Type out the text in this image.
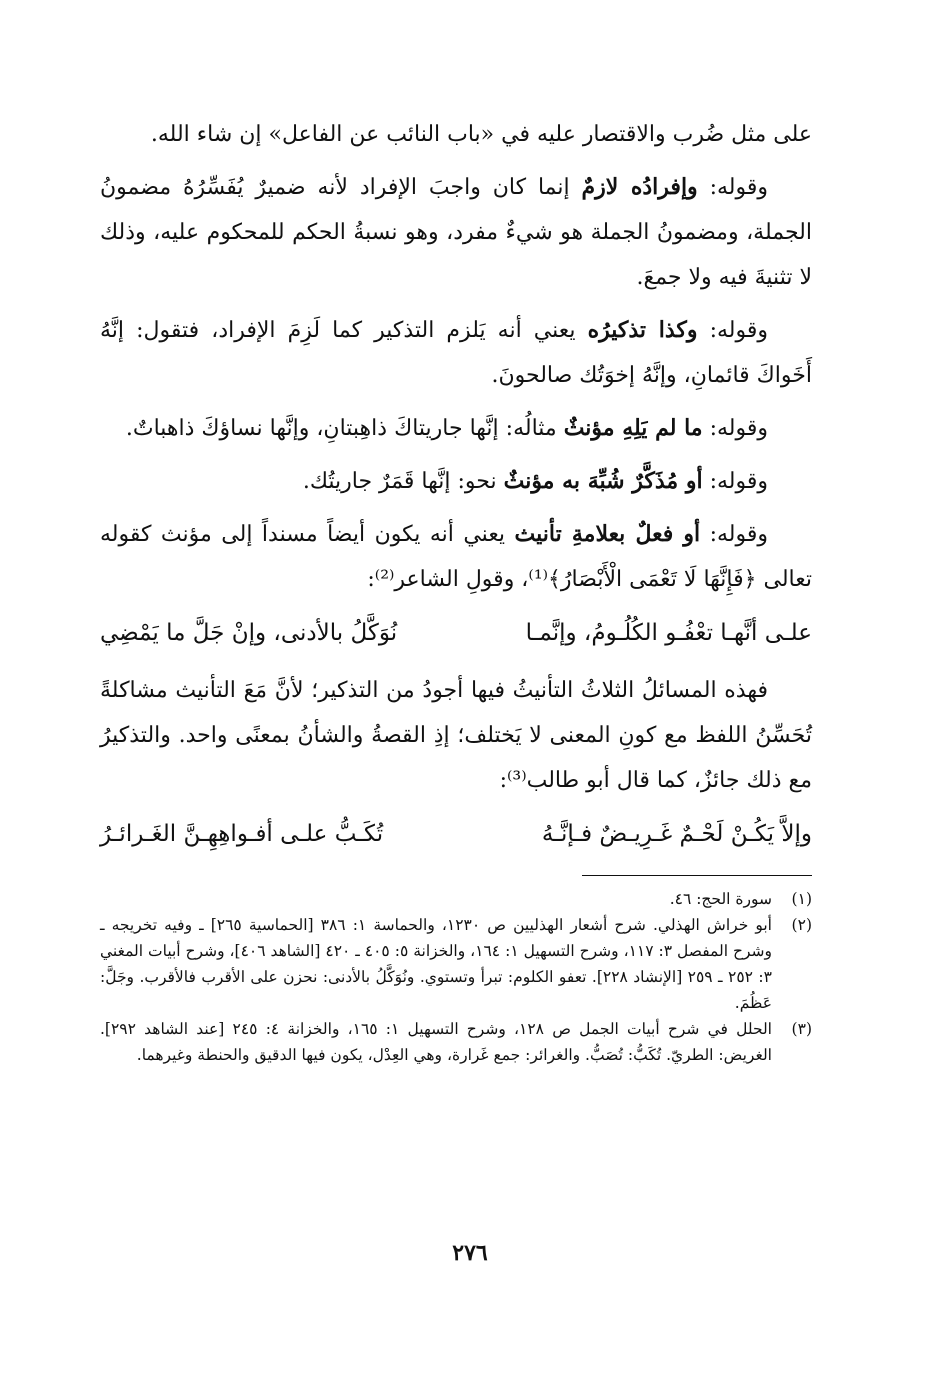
على مثل ضُرب والاقتصار عليه في «باب النائب عن الفاعل» إن شاء الله.

وقوله: وإفرادُه لازمٌ إنما كان واجبَ الإفراد لأنه ضميرٌ يُفَسِّرُهُ مضمونُ الجملة، ومضمونُ الجملة هو شيءٌ مفرد، وهو نسبةُ الحكم للمحكوم عليه، وذلك لا تثنيةَ فيه ولا جمعَ.

وقوله: وكذا تذكيرُه يعني أنه يَلزم التذكير كما لَزِمَ الإفراد، فتقول: إنَّهُ أَخَواكَ قائمانِ، وإنَّهُ إخوَتُك صالحونَ.

وقوله: ما لم يَلِهِ مؤنثٌ مثالُه: إنَّها جاريتاكَ ذاهِبتانِ، وإنَّها نساؤكَ ذاهباتٌ.

وقوله: أو مُذَكَّرٌ شُبِّهَ به مؤنثٌ نحو: إنَّها قَمَرٌ جاريتُك.

وقوله: أو فعلٌ بعلامةِ تأنيث يعني أنه يكون أيضاً مسنداً إلى مؤنث كقوله تعالى ﴿فَإِنَّهَا لَا تَعْمَى الْأَبْصَارُ﴾⁽¹⁾، وقولِ الشاعر⁽²⁾:

علـى أنَّهـا تعْفُـو الكُلُـومُ، وإنَّمـا
نُوَكَّلُ بالأدنى، وإنْ جَلَّ ما يَمْضِي

فهذه المسائلُ الثلاثُ التأنيثُ فيها أجودُ من التذكير؛ لأنَّ مَعَ التأنيث مشاكلةً تُحَسِّنُ اللفظ مع كونِ المعنى لا يَختلف؛ إذِ القصةُ والشأنُ بمعنًى واحد. والتذكيرُ مع ذلك جائزٌ، كما قال أبو طالب⁽³⁾:

وإلاَّ يَكُـنْ لَحْـمٌ غَـرِيـضٌ فـإنَّـهُ
تُكَـبُّ علـى أفـواهِهِـنَّ الغَـرائـرُ
(١)
سورة الحج: ٤٦.
(٢)
أبو خراش الهذلي. شرح أشعار الهذليين ص ١٢٣٠، والحماسة ١: ٣٨٦ [الحماسية ٢٦٥] ـ وفيه تخريجه ـ وشرح المفصل ٣: ١١٧، وشرح التسهيل ١: ١٦٤، والخزانة ٥: ٤٠٥ ـ ٤٢٠ [الشاهد ٤٠٦]، وشرح أبيات المغني ٣: ٢٥٢ ـ ٢٥٩ [الإنشاد ٢٢٨]. تعفو الكلوم: تبرأ وتستوي. ونُوَكَّلُ بالأدنى: نحزن على الأقرب فالأقرب. وجَلَّ: عَظُمَ.
(٣)
الحلل في شرح أبيات الجمل ص ١٢٨، وشرح التسهيل ١: ١٦٥، والخزانة ٤: ٢٤٥ [عند الشاهد ٢٩٢]. الغريض: الطريّ. تُكَبُّ: تُصَبُّ. والغرائر: جمع غَرارة، وهي العِدْل، يكون فيها الدقيق والحنطة وغيرهما.
٢٧٦
